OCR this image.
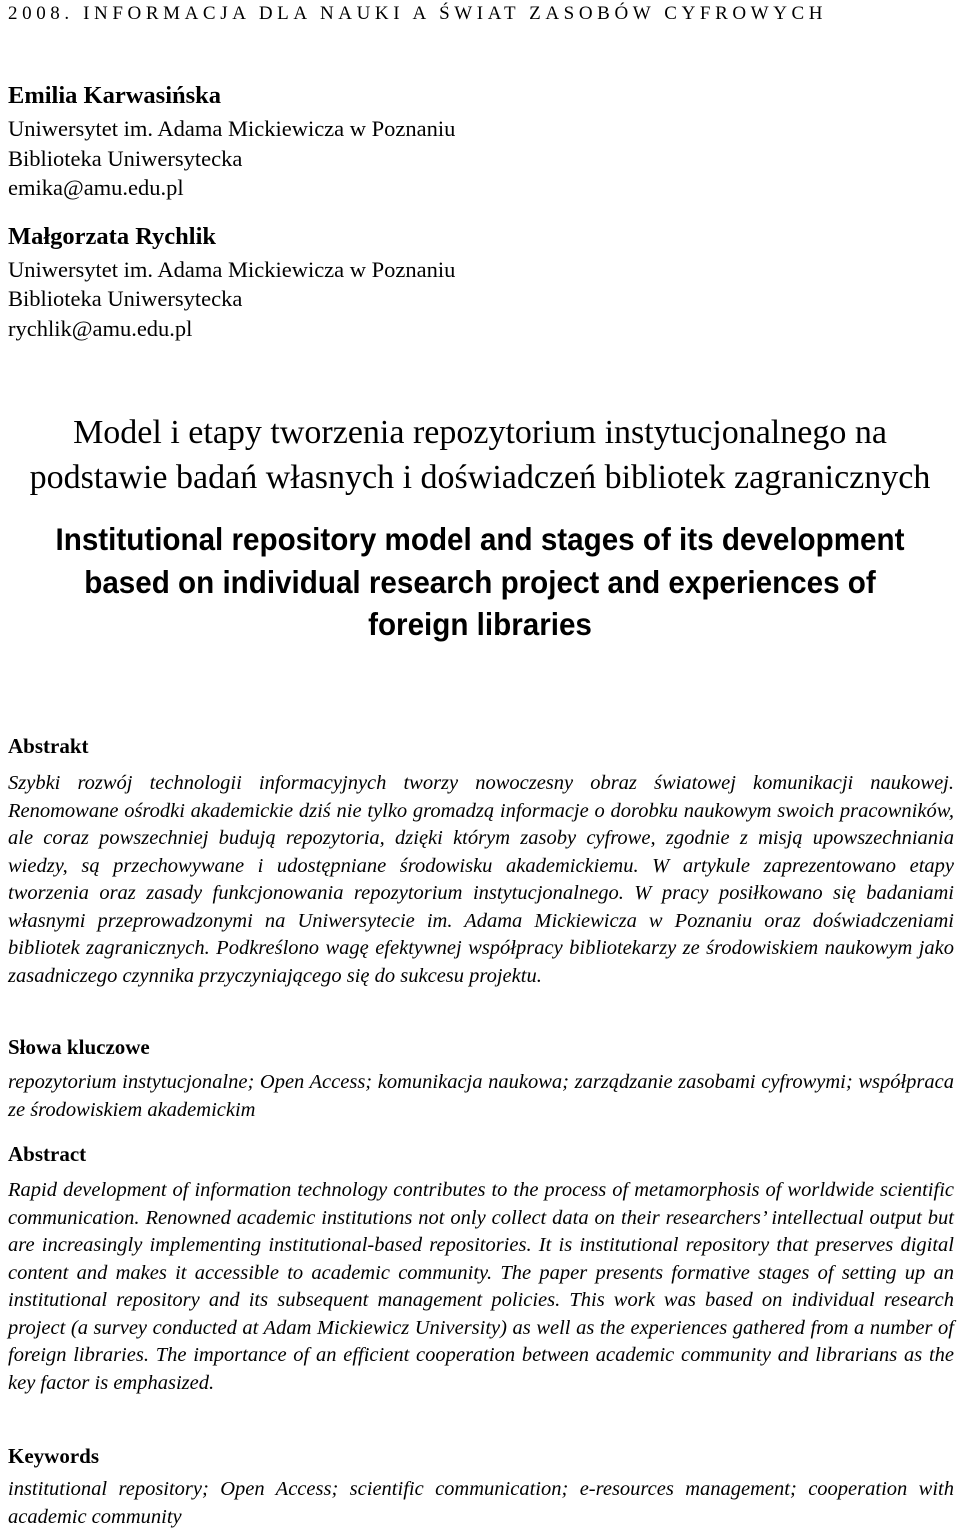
2008. INFORMACJA DLA NAUKI A ŚWIAT ZASOBÓW CYFROWYCH

Emilia Karwasińska

Uniwersytet im. Adama Mickiewicza w Poznaniu

Biblioteka Uniwersytecka

emika@amu.edu.pl

Małgorzata Rychlik

Uniwersytet im. Adama Mickiewicza w Poznaniu

Biblioteka Uniwersytecka

rychlik@amu.edu.pl

Model i etapy tworzenia repozytorium instytucjonalnego na podstawie badań własnych i doświadczeń bibliotek zagranicznych
Institutional repository model and stages of its development based on individual research project and experiences of foreign libraries

Abstrakt

Szybki rozwój technologii informacyjnych tworzy nowoczesny obraz światowej komunikacji naukowej. Renomowane ośrodki akademickie dziś nie tylko gromadzą informacje o dorobku naukowym swoich pracowników, ale coraz powszechniej budują repozytoria, dzięki którym zasoby cyfrowe, zgodnie z misją upowszechniania wiedzy, są przechowywane i udostępniane środowisku akademickiemu. W artykule zaprezentowano etapy tworzenia oraz zasady funkcjonowania repozytorium instytucjonalnego. W pracy posiłkowano się badaniami własnymi przeprowadzonymi na Uniwersytecie im. Adama Mickiewicza w Poznaniu oraz doświadczeniami bibliotek zagranicznych. Podkreślono wagę efektywnej współpracy bibliotekarzy ze środowiskiem naukowym jako zasadniczego czynnika przyczyniającego się do sukcesu projektu.

Słowa kluczowe

repozytorium instytucjonalne; Open Access; komunikacja naukowa; zarządzanie zasobami cyfrowymi; współpraca ze środowiskiem akademickim

Abstract

Rapid development of information technology contributes to the process of metamorphosis of worldwide scientific communication. Renowned academic institutions not only collect data on their researchers’ intellectual output but are increasingly implementing institutional-based repositories. It is institutional repository that preserves digital content and makes it accessible to academic community. The paper presents formative stages of setting up an institutional repository and its subsequent management policies. This work was based on individual research project (a survey conducted at Adam Mickiewicz University) as well as the experiences gathered from a number of foreign libraries. The importance of an efficient cooperation between academic community and librarians as the key factor is emphasized.

Keywords

institutional repository; Open Access; scientific communication; e-resources management; cooperation with academic community
